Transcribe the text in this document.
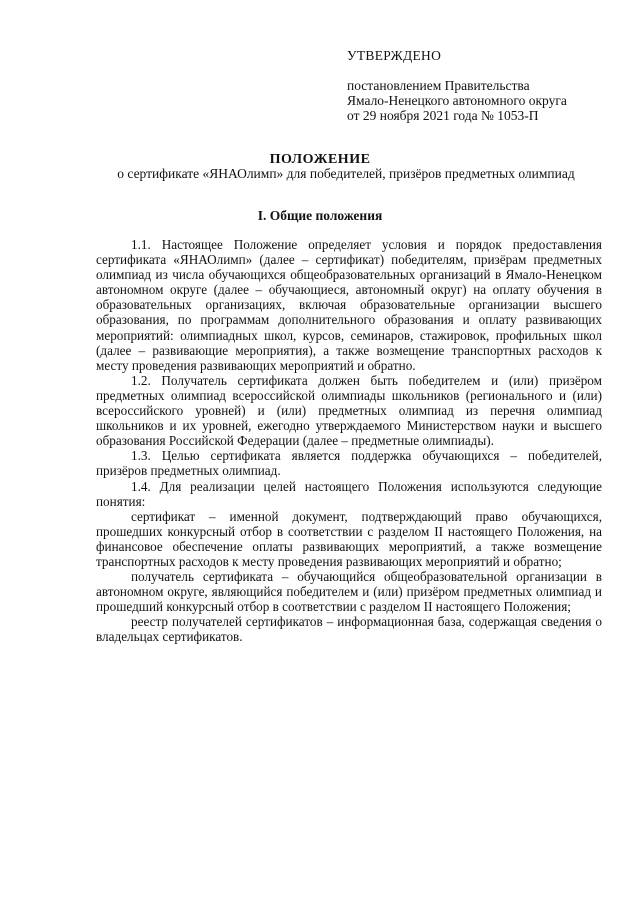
УТВЕРЖДЕНО
постановлением Правительства
Ямало-Ненецкого автономного округа
от 29 ноября 2021 года № 1053-П
ПОЛОЖЕНИЕ
о сертификате «ЯНАОлимп» для победителей, призёров предметных олимпиад
I. Общие положения

1.1. Настоящее Положение определяет условия и порядок предоставления сертификата «ЯНАОлимп» (далее – сертификат) победителям, призёрам предметных олимпиад из числа обучающихся общеобразовательных организаций в Ямало-Ненецком автономном округе (далее – обучающиеся, автономный округ) на оплату обучения в образовательных организациях, включая образовательные организации высшего образования, по программам дополнительного образования и оплату развивающих мероприятий: олимпиадных школ, курсов, семинаров, стажировок, профильных школ (далее – развивающие мероприятия), а также возмещение транспортных расходов к месту проведения развивающих мероприятий и обратно.

1.2. Получатель сертификата должен быть победителем и (или) призёром предметных олимпиад всероссийской олимпиады школьников (регионального и (или) всероссийского уровней) и (или) предметных олимпиад из перечня олимпиад школьников и их уровней, ежегодно утверждаемого Министерством науки и высшего образования Российской Федерации (далее – предметные олимпиады).

1.3. Целью сертификата является поддержка обучающихся – победителей, призёров предметных олимпиад.

1.4. Для реализации целей настоящего Положения используются следующие понятия:

сертификат – именной документ, подтверждающий право обучающихся, прошедших конкурсный отбор в соответствии с разделом II настоящего Положения, на финансовое обеспечение оплаты развивающих мероприятий, а также возмещение транспортных расходов к месту проведения развивающих мероприятий и обратно;

получатель сертификата – обучающийся общеобразовательной организации в автономном округе, являющийся победителем и (или) призёром предметных олимпиад и прошедший конкурсный отбор в соответствии с разделом II настоящего Положения;

реестр получателей сертификатов – информационная база, содержащая сведения о владельцах сертификатов.
